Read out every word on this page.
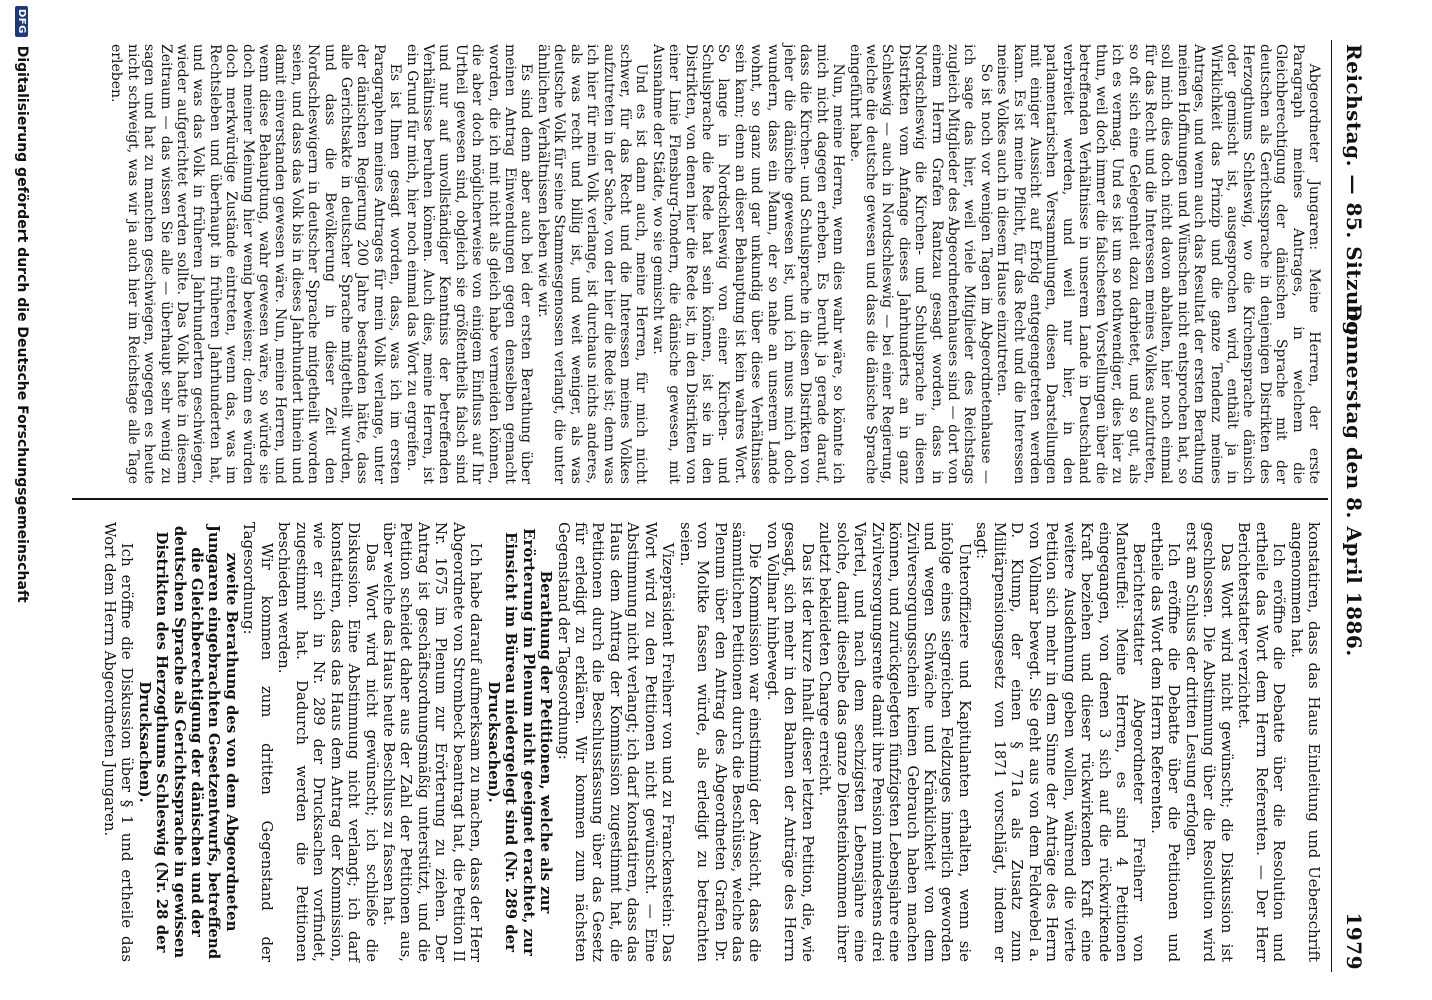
Reichstag. — 85. Sitzung.
Donnerstag den 8. April 1886.
1979

Abgeordneter Jungaren: Meine Herren, der erste Paragraph meines Antrages, in welchem die Gleichberechtigung der dänischen Sprache mit der deutschen als Gerichtssprache in denjenigen Distrikten des Herzogthums Schleswig, wo die Kirchensprache dänisch oder gemischt ist, ausgesprochen wird, enthält ja in Wirklichkeit das Prinzip und die ganze Tendenz meines Antrages, und wenn auch das Resultat der ersten Berathung meinen Hoffnungen und Wünschen nicht entsprochen hat, so soll mich dies doch nicht davon abhalten, hier noch einmal für das Recht und die Interessen meines Volkes aufzutreten, so oft sich eine Gelegenheit dazu darbietet, und so gut, als ich es vermag. Und es ist um so nothwendiger, dies hier zu thun, weil doch immer die falschesten Vorstellungen über die betreffenden Verhältnisse in unserem Lande in Deutschland verbreitet werden, und weil nur hier, in den parlamentarischen Versammlungen, diesen Darstellungen mit einiger Aussicht auf Erfolg entgegengetreten werden kann. Es ist meine Pflicht, für das Recht und die Interessen meines Volkes auch in diesem Hause einzutreten.

So ist noch vor wenigen Tagen im Abgeordnetenhause — ich sage das hier, weil viele Mitglieder des Reichstags zugleich Mitglieder des Abgeordnetenhauses sind — dort von einem Herrn Grafen Rantzau gesagt worden, dass in Nordschleswig die Kirchen- und Schulsprache in diesen Distrikten vom Anfange dieses Jahrhunderts an in ganz Schleswig — auch in Nordschleswig — bei einer Regierung, welche die deutsche gewesen und dass die dänische Sprache eingeführt habe.

Nun, meine Herren, wenn dies wahr wäre, so könnte ich mich nicht dagegen erheben. Es beruht ja gerade darauf, dass die Kirchen- und Schulsprache in diesen Distrikten von jeher die dänische gewesen ist, und ich muss mich doch wundern, dass ein Mann, der so nahe an unserem Lande wohnt, so ganz und gar unkundig über diese Verhältnisse sein kann; denn an dieser Behauptung ist kein wahres Wort. So lange in Nordschleswig von einer Kirchen- und Schulsprache die Rede hat sein können, ist sie in den Distrikten, von denen hier die Rede ist, in den Distrikten von einer Linie Flensburg-Tondern, die dänische gewesen, mit Ausnahme der Städte, wo sie gemischt war.

Und es ist dann auch, meine Herren, für mich nicht schwer, für das Recht und die Interessen meines Volkes aufzutreten in der Sache, von der hier die Rede ist; denn was ich hier für mein Volk verlange, ist durchaus nichts anderes, als was recht und billig ist, und weit weniger, als was deutsche Volk für seine Stammesgenossen verlangt, die unter ähnlichen Verhältnissen leben wie wir.

Es sind denn aber auch bei der ersten Berathung über meinen Antrag Einwendungen gegen denselben gemacht worden, die ich mit nicht als gleich habe vermeiden können, die aber doch möglicherweise von einigem Einfluss auf Ihr Urtheil gewesen sind, obgleich sie größtentheils falsch sind und nur auf unvollständiger Kenntniss der betreffenden Verhältnisse beruhen können. Auch dies, meine Herren, ist ein Grund für mich, hier noch einmal das Wort zu ergreifen.

Es ist Ihnen gesagt worden, dass, was ich im ersten Paragraphen meines Antrages für mein Volk verlange, unter der dänischen Regierung 200 Jahre bestanden hätte, dass alle Gerichtsakte in deutscher Sprache mitgetheilt wurden, und dass die Bevölkerung in dieser Zeit den Nordschleswigern in deutscher Sprache mitgetheilt worden seien, und dass das Volk bis in dieses Jahrhundert hinein und damit einverstanden gewesen wäre. Nun, meine Herren, und wenn diese Behauptung, wahr gewesen wäre, so würde sie doch meiner Meinung hier wenig beweisen; denn es würden doch merkwürdige Zustände eintreten, wenn das, was im Rechtsleben und überhaupt in früheren Jahrhunderten hat, und was das Volk in früheren Jahrhunderten geschwiegen, wieder aufgerichtet werden sollte. Das Volk hatte in diesem Zeitraum — das wissen Sie alle — überhaupt sehr wenig zu sagen und hat zu manchen geschwiegen, wogegen es heute nicht schweigt, was wir ja auch hier im Reichstage alle Tage erleben.

konstatiren, dass das Haus Einleitung und Ueberschrift angenommen hat.

Ich eröffne die Debatte über die Resolution und ertheile das Wort dem Herrn Referenten. — Der Herr Berichterstatter verzichtet.

Das Wort wird nicht gewünscht; die Diskussion ist geschlossen. Die Abstimmung über die Resolution wird erst am Schluss der dritten Lesung erfolgen.

Ich eröffne die Debatte über die Petitionen und ertheile das Wort dem Herrn Referenten.

Berichterstatter Abgeordneter Freiherr von Manteuffel: Meine Herren, es sind 4 Petitionen eingegangen, von denen 3 sich auf die rückwirkende Kraft beziehen und dieser rückwirkenden Kraft eine weitere Ausdehnung geben wollen, während die vierte Petition sich mehr in dem Sinne der Anträge des Herrn von Vollmar bewegt. Sie geht aus von dem Feldwebel a. D. Klump, der einen § 71a als Zusatz zum Militärpensionsgesetz von 1871 vorschlägt, indem er sagt:

Unteroffiziere und Kapitulanten erhalten, wenn sie infolge eines siegreichen Feldzuges innerlich geworden und wegen Schwäche und Kränklichkeit von dem Zivilversorgungsschein keinen Gebrauch haben machen können, und zurückgelegten fünfzigsten Lebensjahre eine Zivilversorgungsrente damit ihre Pension mindestens drei Viertel, und nach dem sechzigsten Lebensjahre eine solche, damit dieselbe das ganze Diensteinkommen ihrer zuletzt bekleideten Charge erreicht.

Das ist der kurze Inhalt dieser letzten Petition, die, wie gesagt, sich mehr in den Bahnen der Anträge des Herrn von Vollmar hinbewegt.

Die Kommission war einstimmig der Ansicht, dass die sämmtlichen Petitionen durch die Beschlüsse, welche das Plenum über den Antrag des Abgeordneten Grafen Dr. von Moltke fassen würde, als erledigt zu betrachten seien.

Vizepräsident Freiherr von und zu Franckenstein: Das Wort wird zu den Petitionen nicht gewünscht. — Eine Abstimmung nicht verlangt; ich darf konstatiren, dass das Haus dem Antrag der Kommission zugestimmt hat, die Petitionen durch die Beschlussfassung über das Gesetz für erledigt zu erklären. Wir kommen zum nächsten Gegenstand der Tagesordnung:

Berathung der Petitionen, welche als zur Erörterung im Plenum nicht geeignet erachtet, zur Einsicht im Büreau niedergelegt sind (Nr. 289 der Drucksachen).

Ich habe darauf aufmerksam zu machen, dass der Herr Abgeordnete von Strombeck beantragt hat, die Petition II Nr. 1675 im Plenum zur Erörterung zu ziehen. Der Antrag ist geschäftsordnungsmäßig unterstützt, und die Petition scheidet daher aus der Zahl der Petitionen aus, über welche das Haus heute Beschluss zu fassen hat.

Das Wort wird nicht gewünscht; ich schließe die Diskussion. Eine Abstimmung nicht verlangt; ich darf konstatiren, dass das Haus dem Antrag der Kommission, wie er sich in Nr. 289 der Drucksachen vorfindet, zugestimmt hat. Dadurch werden die Petitionen beschieden werden.

Wir kommen zum dritten Gegenstand der Tagesordnung:

zweite Berathung des von dem Abgeordneten Jungaren eingebrachten Gesetzentwurfs, betreffend die Gleichberechtigung der dänischen und der deutschen Sprache als Gerichtssprache in gewissen Distrikten des Herzogthums Schleswig (Nr. 28 der Drucksachen).

Ich eröffne die Diskussion über § 1 und ertheile das Wort dem Herrn Abgeordneten Jungaren.

DFG Digitalisierung gefördert durch die Deutsche Forschungsgemeinschaft
